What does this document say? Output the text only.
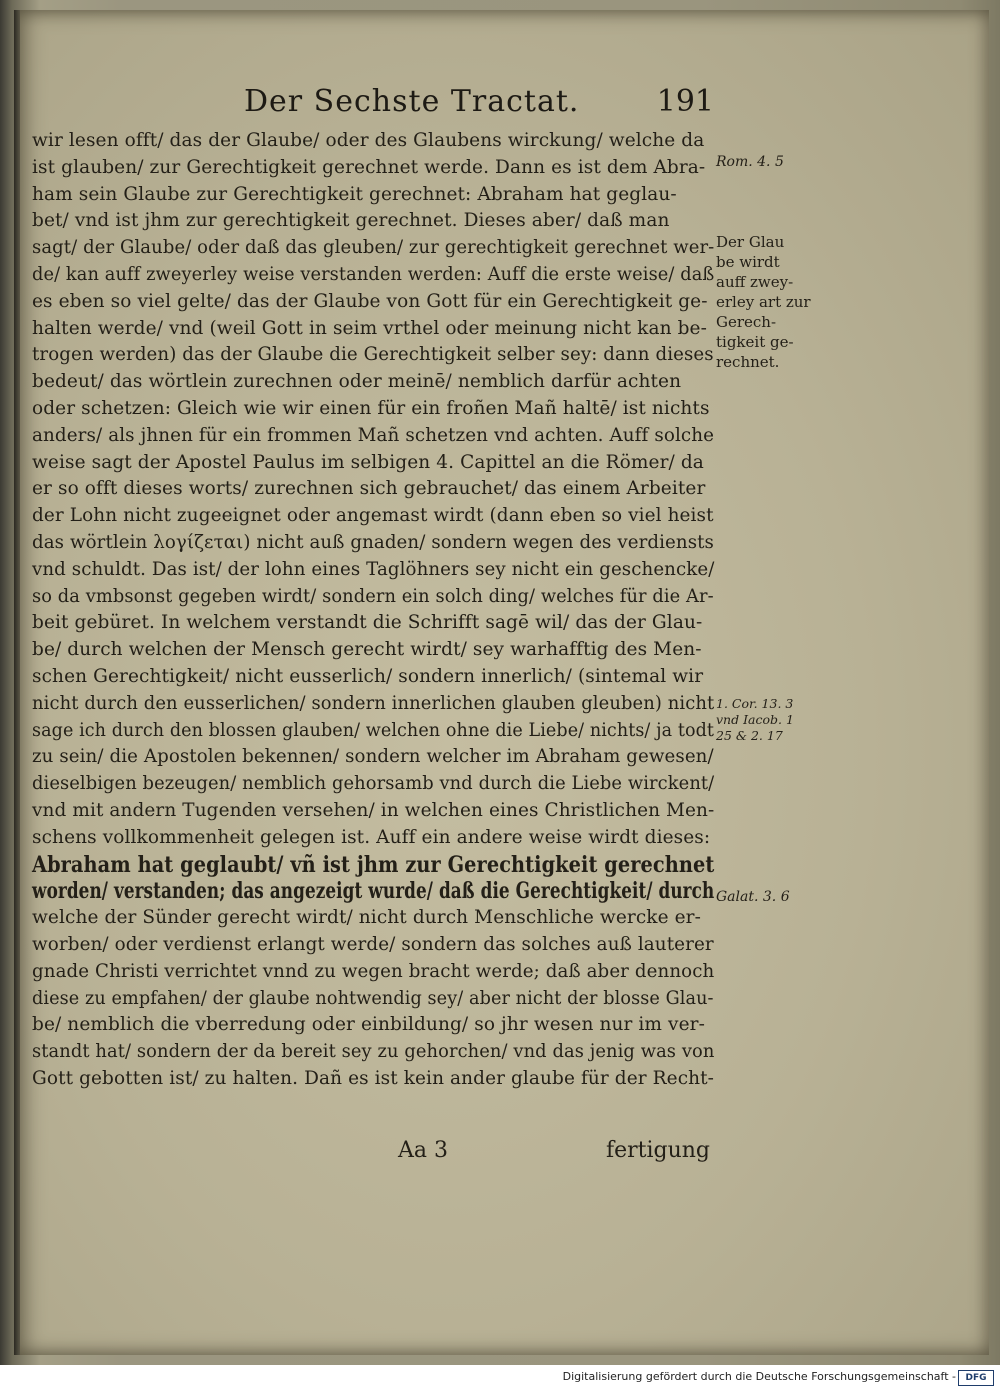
Der Sechste Tractat.	191
wir lesen offt/ das der Glaube/ oder des Glaubens wirckung/ welche da
ist glauben/ zur Gerechtigkeit gerechnet werde. Dann es ist dem Abra-
ham sein Glaube zur Gerechtigkeit gerechnet: Abraham hat geglau-
bet/ vnd ist jhm zur gerechtigkeit gerechnet. Dieses aber/ daß man
sagt/ der Glaube/ oder daß das gleuben/ zur gerechtigkeit gerechnet wer-
de/ kan auff zweyerley weise verstanden werden: Auff die erste weise/ daß
es eben so viel gelte/ das der Glaube von Gott für ein Gerechtigkeit ge-
halten werde/ vnd (weil Gott in seim vrthel oder meinung nicht kan be-
trogen werden) das der Glaube die Gerechtigkeit selber sey: dann dieses
bedeut/ das wörtlein zurechnen oder meinē/ nemblich darfür achten
oder schetzen: Gleich wie wir einen für ein froñen Mañ haltē/ ist nichts
anders/ als jhnen für ein frommen Mañ schetzen vnd achten. Auff solche
weise sagt der Apostel Paulus im selbigen 4. Capittel an die Römer/ da
er so offt dieses worts/ zurechnen sich gebrauchet/ das einem Arbeiter
der Lohn nicht zugeeignet oder angemast wirdt (dann eben so viel heist
das wörtlein λογίζεται) nicht auß gnaden/ sondern wegen des verdiensts
vnd schuldt. Das ist/ der lohn eines Taglöhners sey nicht ein geschencke/
so da vmbsonst gegeben wirdt/ sondern ein solch ding/ welches für die Ar-
beit gebüret. In welchem verstandt die Schrifft sagē wil/ das der Glau-
be/ durch welchen der Mensch gerecht wirdt/ sey warhafftig des Men-
schen Gerechtigkeit/ nicht eusserlich/ sondern innerlich/ (sintemal wir
nicht durch den eusserlichen/ sondern innerlichen glauben gleuben) nicht
sage ich durch den blossen glauben/ welchen ohne die Liebe/ nichts/ ja todt
zu sein/ die Apostolen bekennen/ sondern welcher im Abraham gewesen/
dieselbigen bezeugen/ nemblich gehorsamb vnd durch die Liebe wirckent/
vnd mit andern Tugenden versehen/ in welchen eines Christlichen Men-
schens vollkommenheit gelegen ist. Auff ein andere weise wirdt dieses:
Abraham hat geglaubt/ vñ ist jhm zur Gerechtigkeit gerechnet
worden/ verstanden; das angezeigt wurde/ daß die Gerechtigkeit/ durch
welche der Sünder gerecht wirdt/ nicht durch Menschliche wercke er-
worben/ oder verdienst erlangt werde/ sondern das solches auß lauterer
gnade Christi verrichtet vnnd zu wegen bracht werde; daß aber dennoch
diese zu empfahen/ der glaube nohtwendig sey/ aber nicht der blosse Glau-
be/ nemblich die vberredung oder einbildung/ so jhr wesen nur im ver-
standt hat/ sondern der da bereit sey zu gehorchen/ vnd das jenig was von
Gott gebotten ist/ zu halten. Dañ es ist kein ander glaube für der Recht-
Rom. 4. 5
Der Glau
be wirdt
auff zwey-
erley art zur
Gerech-
tigkeit ge-
rechnet.
1. Cor. 13. 3
vnd Iacob. 1
25 & 2. 17
Galat. 3. 6
Aa 3	fertigung
Digitalisierung gefördert durch die Deutsche Forschungsgemeinschaft -	DFG
